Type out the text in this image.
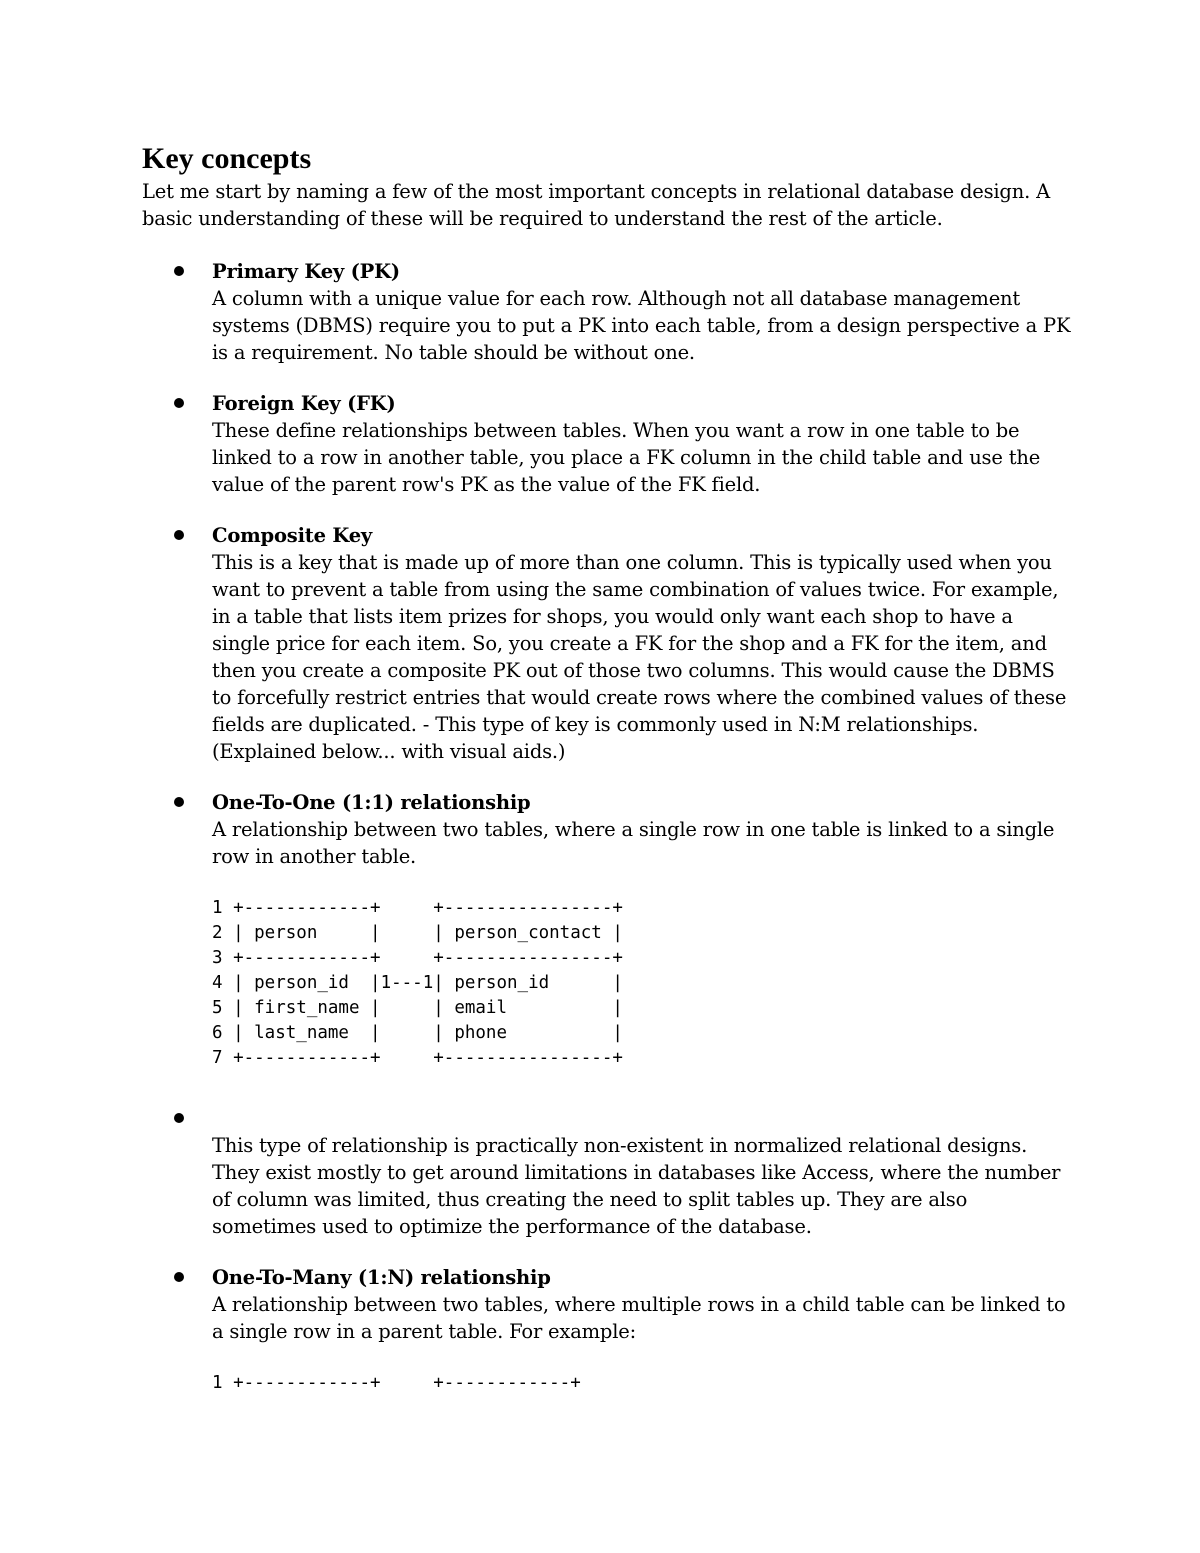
Key concepts

Let me start by naming a few of the most important concepts in relational database design. A basic understanding of these will be required to understand the rest of the article.

Primary Key (PK)
A column with a unique value for each row. Although not all database management systems (DBMS) require you to put a PK into each table, from a design perspective a PK is a requirement. No table should be without one.
Foreign Key (FK)
These define relationships between tables. When you want a row in one table to be linked to a row in another table, you place a FK column in the child table and use the value of the parent row's PK as the value of the FK field.
Composite Key
This is a key that is made up of more than one column. This is typically used when you want to prevent a table from using the same combination of values twice. For example, in a table that lists item prizes for shops, you would only want each shop to have a single price for each item. So, you create a FK for the shop and a FK for the item, and then you create a composite PK out of those two columns. This would cause the DBMS to forcefully restrict entries that would create rows where the combined values of these fields are duplicated. - This type of key is commonly used in N:M relationships. (Explained below... with visual aids.)
One-To-One (1:1) relationship
A relationship between two tables, where a single row in one table is linked to a single row in another table.
1 +------------+     +----------------+
2 | person     |     | person_contact |
3 +------------+     +----------------+
4 | person_id  |1---1| person_id      |
5 | first_name |     | email          |
6 | last_name  |     | phone          |
7 +------------+     +----------------+
This type of relationship is practically non-existent in normalized relational designs. They exist mostly to get around limitations in databases like Access, where the number of column was limited, thus creating the need to split tables up. They are also sometimes used to optimize the performance of the database.
One-To-Many (1:N) relationship
A relationship between two tables, where multiple rows in a child table can be linked to a single row in a parent table. For example:
1 +------------+     +------------+
